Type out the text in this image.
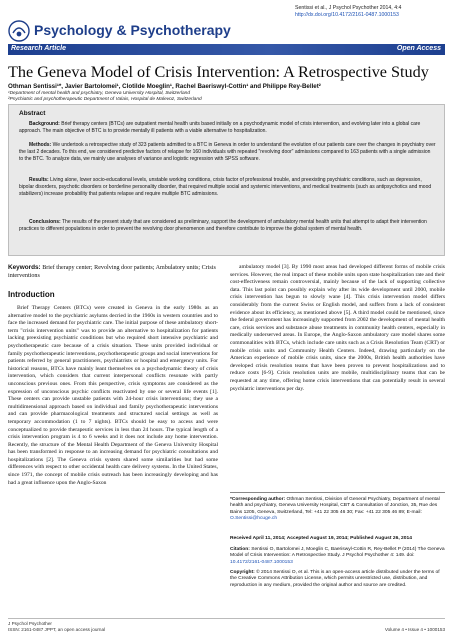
Sentissi et al., J Psychol Psychother 2014, 4:4
http://dx.doi.org/10.4172/2161-0487.1000153
Psychology & Psychotherapy
Research Article	Open Access
The Geneva Model of Crisis Intervention: A Retrospective Study
Othman Sentissi¹*, Javier Bartolomei¹, Clotilde Moeglin¹, Rachel Baeriswyl-Cottin¹ and Philippe Rey-Bellet²
¹Department of mental health and psychiatry, Geneva University Hospital, Switzerland
²Psychiatric and psychotherapeutic Department of Valais, Hospital de Malevoz, Switzerland
Abstract
Background: Brief therapy centers (BTCs) are outpatient mental health units based initially on a psychodynamic model of crisis intervention, and evolving later into a global care approach. The main objective of BTC is to provide mentally ill patients with a viable alternative to hospitalization.
Methods: We undertook a retrospective study of 323 patients admitted to a BTC in Geneva in order to understand the evolution of our patients care over the changes in psychiatry over the last 2 decades. To this end, we considered predictive factors of relapse for 160 individuals with repeated "revolving door" admissions compared to 163 patients with a single admission to the BTC. To analyze data, we mainly use analyses of variance and logistic regression with SPSS software.
Results: Living alone, lower socio-educational levels, unstable working conditions, crisis factor of professional trouble, and preexisting psychiatric conditions, such as depression, bipolar disorders, psychotic disorders or borderline personality disorder, that required multiple social and systemic interventions, and medical treatments (such as antipsychotics and mood stabilizers) increase probability that patients relapse and require multiple BTC admissions.
Conclusions: The results of the present study that are considered as preliminary, support the development of ambulatory mental health units that attempt to adapt their intervention practices to different populations in order to prevent the revolving door phenomenon and therefore contribute to improve the global system of mental health.
Keywords: Brief therapy center; Revolving door patients; Ambulatory units; Crisis interventions
Introduction
Brief Therapy Centers (BTCs) were created in Geneva in the early 1980s as an alternative model to the psychiatric asylums decried in the 1960s in western countries and to face the increased demand for psychiatric care. The initial purpose of these ambulatory short-term "crisis intervention units" was to provide an alternative to hospitalization for patients lacking preexisting psychiatric conditions but who required short intensive psychiatric and psychotherapeutic care because of a crisis situation. These units provided individual or family psychotherapeutic interventions, psychotherapeutic groups and social interventions for patients referred by general practitioners, psychiatrists or hospital and emergency units. For historical reasons, BTCs have mainly leant themselves on a psychodynamic theory of crisis intervention, which considers that current interpersonal conflicts resonate with partly unconscious previous ones. From this perspective, crisis symptoms are considered as the expression of unconscious psychic conflicts reactivated by one or several life events [1]. These centers can provide unstable patients with 24-hour crisis interventions; they use a multidimensional approach based on individual and family psychotherapeutic interventions and can provide pharmacological treatments and structured social settings as well as temporary accommodation (1 to 7 nights). BTCs should be easy to access and were conceptualized to provide therapeutic services in less than 24 hours. The typical length of a crisis intervention program is 4 to 6 weeks and it does not include any home intervention. Recently, the structure of the Mental Health Department of the Geneva University Hospital has been transformed in response to an increasing demand for psychiatric consultations and hospitalizations [2]. The Geneva crisis system shared some similarities but had some differences with respect to other occidental health care delivery systems. In the United States, since 1971, the concept of mobile crisis outreach has been increasingly developing and has had a great influence upon the Anglo-Saxon
ambulatory model [3]. By 1990 most areas had developed different forms of mobile crisis services. However, the real impact of these mobile units upon state hospitalization rate and their cost-effectiveness remain controversial, mainly because of the lack of supporting collective data. This last point can possibly explain why after its wide development until 2000, mobile crisis intervention has begun to slowly wane [4]. This crisis intervention model differs considerably from the current Swiss or English model, and suffers from a lack of consistent evidence about its efficiency, as mentioned above [5]. A third model could be mentioned, since the federal government has increasingly supported from 2002 the development of mental health care, crisis services and substance abuse treatments in community health centers, especially in medically underserved areas. In Europe, the Anglo-Saxon ambulatory care model shares some commonalities with BTCs, which include care units such as a Crisis Resolution Team (CRT) or mobile crisis units and Community Health Centers. Indeed, drawing particularly on the American experience of mobile crisis units, since the 2000s, British health authorities have developed crisis resolution teams that have been proven to prevent hospitalizations and to reduce costs [6-9]. Crisis resolution units are mobile, multidisciplinary teams that can be requested at any time, offering home crisis interventions that can potentially result in several psychiatric interventions per day.
*Corresponding author: Othman Sentissi, Division of General Psychiatry, Department of mental health and psychiatry, Geneva University Hospital, CBT & Consultation of Jonction, 35, Rue des Bains 1205, Geneva, Switzerland, Tel: +41 22 305 46 30; Fax: +41 22 305 46 89; E-mail: O.Sentissi@hcuge.ch
Received April 11, 2014; Accepted August 19, 2014; Published August 26, 2014
Citation: Sentissi O, Bartolomei J, Moeglin C, Baeriswyl-Cottin R, Rey-Bellet P (2014) The Geneva Model of Crisis Intervention: A Retrospective Study. J Psychol Psychother 4: 149. doi: 10.4172/2161-0487.1000153
Copyright: © 2014 Sentissi O, et al. This is an open-access article distributed under the terms of the Creative Commons Attribution License, which permits unrestricted use, distribution, and reproduction in any medium, provided the original author and source are credited.
J Psychol Psychother
ISSN: 2161-0487 JPPT, an open access journal	Volume 4 • Issue 4 • 1000153
